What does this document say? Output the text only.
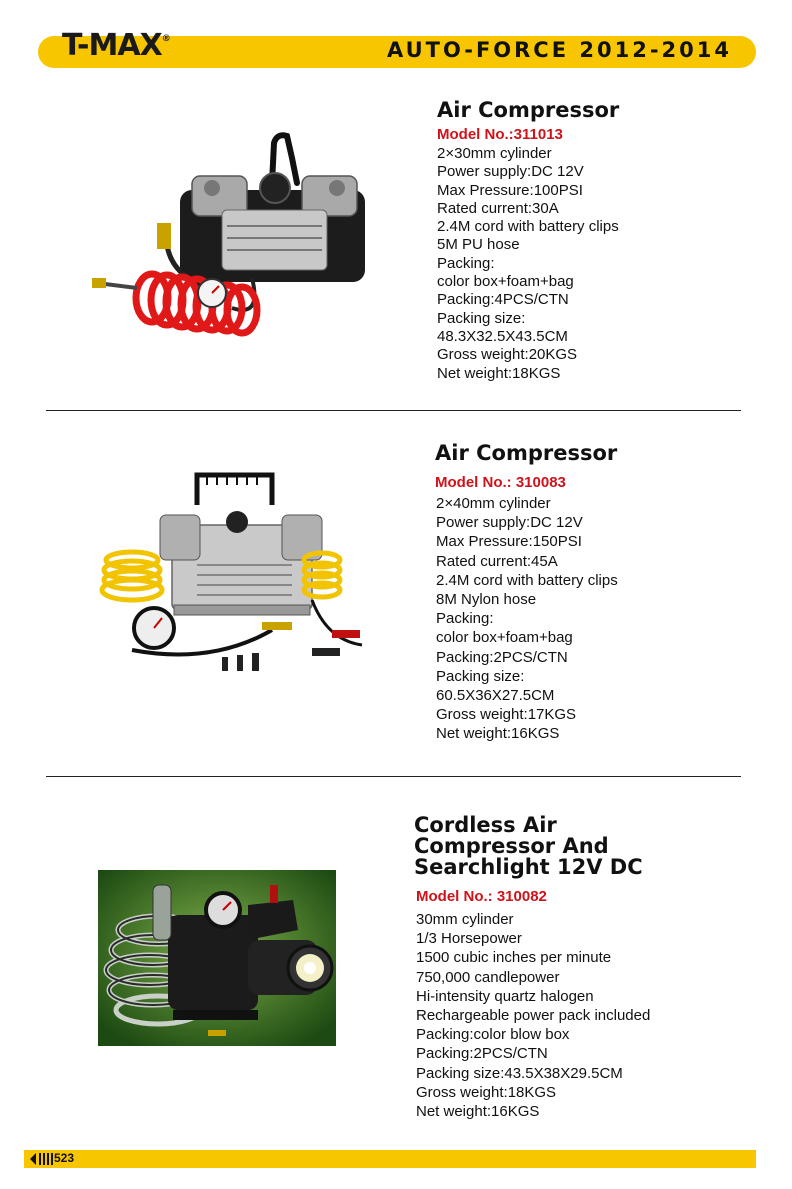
T-MAX®	AUTO-FORCE 2012-2014
Air Compressor
Model No.:311013
2×30mm cylinder
Power supply:DC 12V
Max Pressure:100PSI
Rated current:30A
2.4M cord with battery clips
5M PU hose
Packing:
color box+foam+bag
Packing:4PCS/CTN
Packing size:
48.3X32.5X43.5CM
Gross weight:20KGS
Net weight:18KGS
Air Compressor
Model No.: 310083
2×40mm cylinder
Power supply:DC 12V
Max Pressure:150PSI
Rated current:45A
2.4M cord with battery clips
8M Nylon hose
Packing:
color box+foam+bag
Packing:2PCS/CTN
Packing size:
60.5X36X27.5CM
Gross weight:17KGS
Net weight:16KGS
Cordless Air
Compressor And
Searchlight 12V DC
Model No.: 310082
30mm cylinder
1/3 Horsepower
1500 cubic inches per minute
750,000 candlepower
Hi-intensity quartz halogen
Rechargeable power pack included
Packing:color blow box
Packing:2PCS/CTN
Packing size:43.5X38X29.5CM
Gross weight:18KGS
Net weight:16KGS
523
